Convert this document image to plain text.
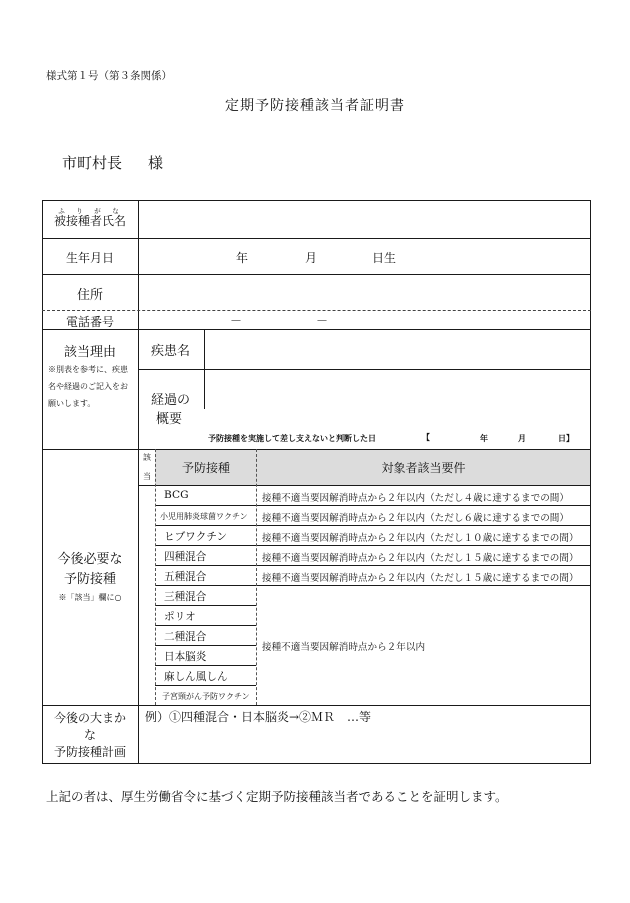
様式第１号（第３条関係）
定期予防接種該当者証明書
市町村長 様
被接種者氏名ふりがな
生年月日	年	月	日生
住所
電話番号	－	－
該当理由
※別表を参考に、疾患名や経過のご記入をお願いします。
疾患名
経過の
概要
予防接種を実施して差し支えないと判断した日	【	年	月	日】
今後必要な
予防接種
※「該当」欄に○
該
当
予防接種	対象者該当要件
BCG	接種不適当要因解消時点から２年以内（ただし４歳に達するまでの間）
小児用肺炎球菌ワクチン 接種不適当要因解消時点から２年以内（ただし６歳に達するまでの間）
ヒブワクチン	接種不適当要因解消時点から２年以内（ただし１０歳に達するまでの間）
四種混合	接種不適当要因解消時点から２年以内（ただし１５歳に達するまでの間）
五種混合	接種不適当要因解消時点から２年以内（ただし１５歳に達するまでの間）
三種混合
ポリオ
二種混合
日本脳炎
麻しん風しん
子宮頸がん予防ワクチン
接種不適当要因解消時点から２年以内
今後の大まか
な
予防接種計画
例）①四種混合・日本脳炎→②ＭＲ　…等
上記の者は、厚生労働省令に基づく定期予防接種該当者であることを証明します。
